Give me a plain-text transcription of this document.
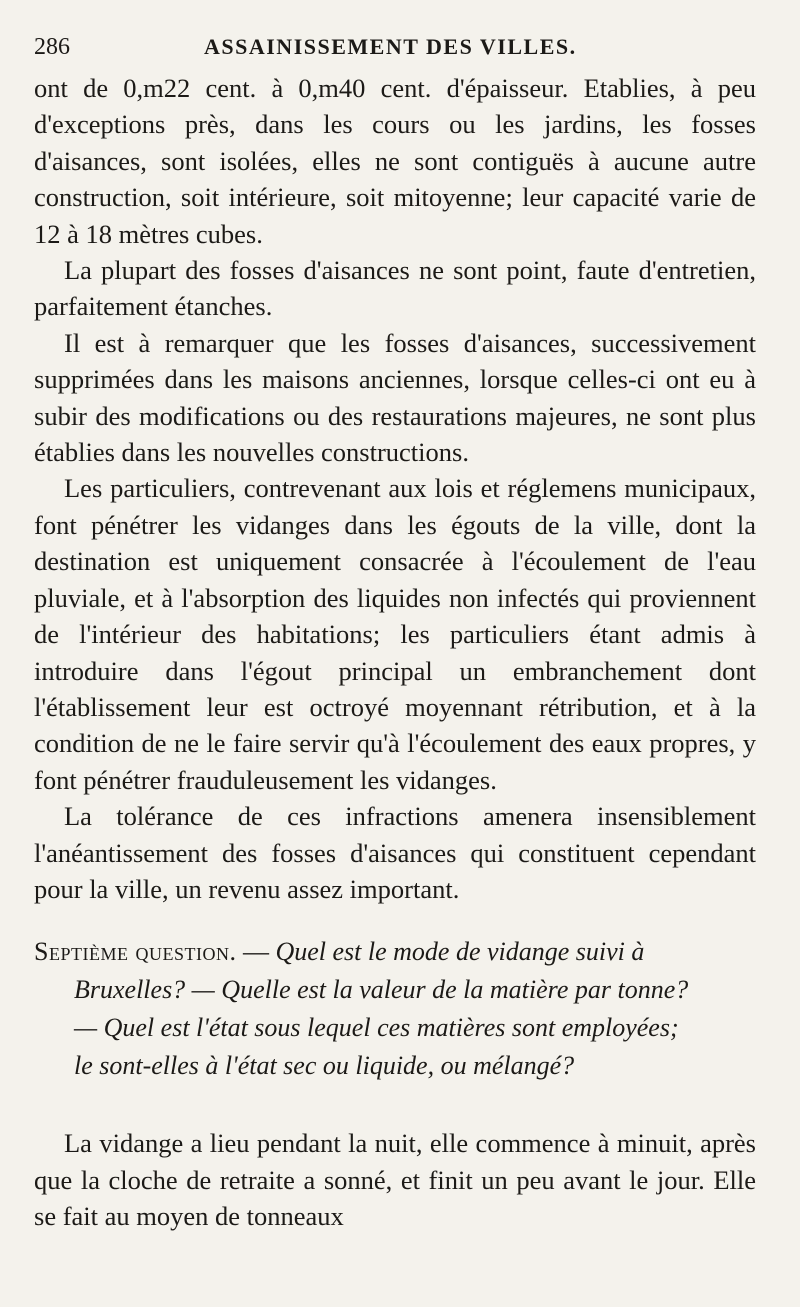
286	ASSAINISSEMENT DES VILLES.

ont de 0,m22 cent. à 0,m40 cent. d'épaisseur. Etablies, à peu d'exceptions près, dans les cours ou les jardins, les fosses d'aisances, sont isolées, elles ne sont contiguës à aucune autre construction, soit intérieure, soit mitoyenne; leur capacité varie de 12 à 18 mètres cubes.

La plupart des fosses d'aisances ne sont point, faute d'entretien, parfaitement étanches.

Il est à remarquer que les fosses d'aisances, successivement supprimées dans les maisons anciennes, lorsque celles-ci ont eu à subir des modifications ou des restaurations majeures, ne sont plus établies dans les nouvelles constructions.

Les particuliers, contrevenant aux lois et réglemens municipaux, font pénétrer les vidanges dans les égouts de la ville, dont la destination est uniquement consacrée à l'écoulement de l'eau pluviale, et à l'absorption des liquides non infectés qui proviennent de l'intérieur des habitations; les particuliers étant admis à introduire dans l'égout principal un embranchement dont l'établissement leur est octroyé moyennant rétribution, et à la condition de ne le faire servir qu'à l'écoulement des eaux propres, y font pénétrer frauduleusement les vidanges.

La tolérance de ces infractions amenera insensiblement l'anéantissement des fosses d'aisances qui constituent cependant pour la ville, un revenu assez important.

Septième question. — Quel est le mode de vidange suivi à
Bruxelles? — Quelle est la valeur de la matière par tonne?
— Quel est l'état sous lequel ces matières sont employées;
le sont-elles à l'état sec ou liquide, ou mélangé?

La vidange a lieu pendant la nuit, elle commence à minuit, après que la cloche de retraite a sonné, et finit un peu avant le jour. Elle se fait au moyen de tonneaux
